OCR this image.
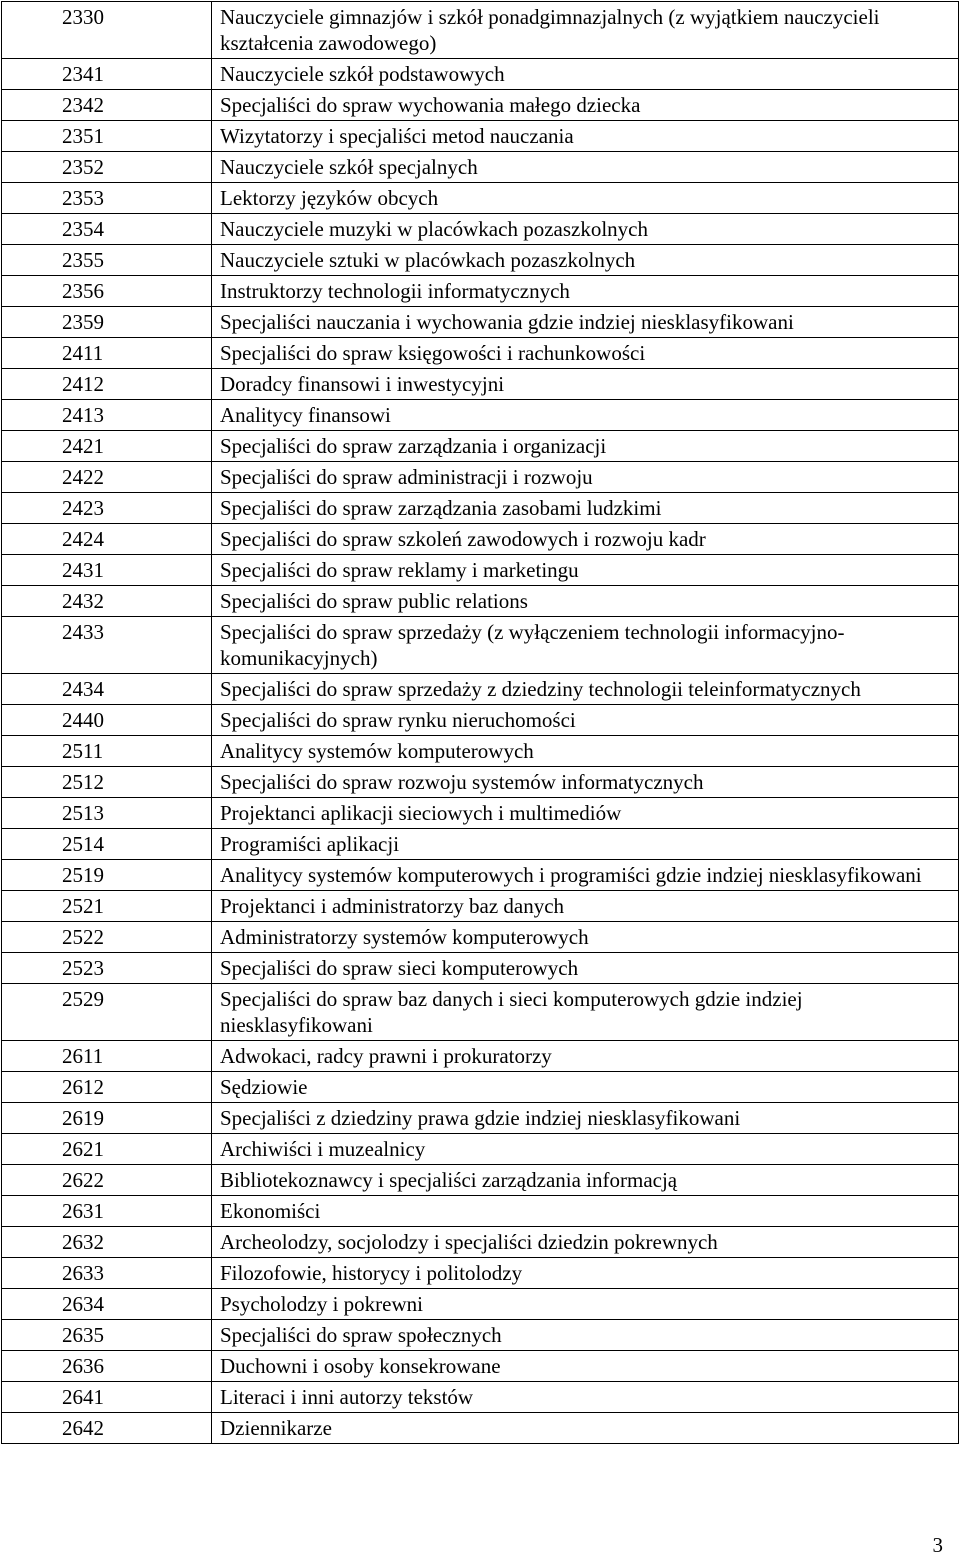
2330	Nauczyciele gimnazjów i szkół ponadgimnazjalnych (z wyjątkiem nauczycieli kształcenia zawodowego)
2341	Nauczyciele szkół podstawowych
2342	Specjaliści do spraw wychowania małego dziecka
2351	Wizytatorzy i specjaliści metod nauczania
2352	Nauczyciele szkół specjalnych
2353	Lektorzy języków obcych
2354	Nauczyciele muzyki w placówkach pozaszkolnych
2355	Nauczyciele sztuki w placówkach pozaszkolnych
2356	Instruktorzy technologii informatycznych
2359	Specjaliści nauczania i wychowania gdzie indziej niesklasyfikowani
2411	Specjaliści do spraw księgowości i rachunkowości
2412	Doradcy finansowi i inwestycyjni
2413	Analitycy finansowi
2421	Specjaliści do spraw zarządzania i organizacji
2422	Specjaliści do spraw administracji i rozwoju
2423	Specjaliści do spraw zarządzania zasobami ludzkimi
2424	Specjaliści do spraw szkoleń zawodowych i rozwoju kadr
2431	Specjaliści do spraw reklamy i marketingu
2432	Specjaliści do spraw public relations
2433	Specjaliści do spraw sprzedaży (z wyłączeniem technologii informacyjno-komunikacyjnych)
2434	Specjaliści do spraw sprzedaży z dziedziny technologii teleinformatycznych
2440	Specjaliści do spraw rynku nieruchomości
2511	Analitycy systemów komputerowych
2512	Specjaliści do spraw rozwoju systemów informatycznych
2513	Projektanci aplikacji sieciowych i multimediów
2514	Programiści aplikacji
2519	Analitycy systemów komputerowych i programiści gdzie indziej niesklasyfikowani
2521	Projektanci i administratorzy baz danych
2522	Administratorzy systemów komputerowych
2523	Specjaliści do spraw sieci komputerowych
2529	Specjaliści do spraw baz danych i sieci komputerowych gdzie indziej niesklasyfikowani
2611	Adwokaci, radcy prawni i prokuratorzy
2612	Sędziowie
2619	Specjaliści z dziedziny prawa gdzie indziej niesklasyfikowani
2621	Archiwiści i muzealnicy
2622	Bibliotekoznawcy i specjaliści zarządzania informacją
2631	Ekonomiści
2632	Archeolodzy, socjolodzy i specjaliści dziedzin pokrewnych
2633	Filozofowie, historycy i politolodzy
2634	Psycholodzy i pokrewni
2635	Specjaliści do spraw społecznych
2636	Duchowni i osoby konsekrowane
2641	Literaci i inni autorzy tekstów
2642	Dziennikarze
3
